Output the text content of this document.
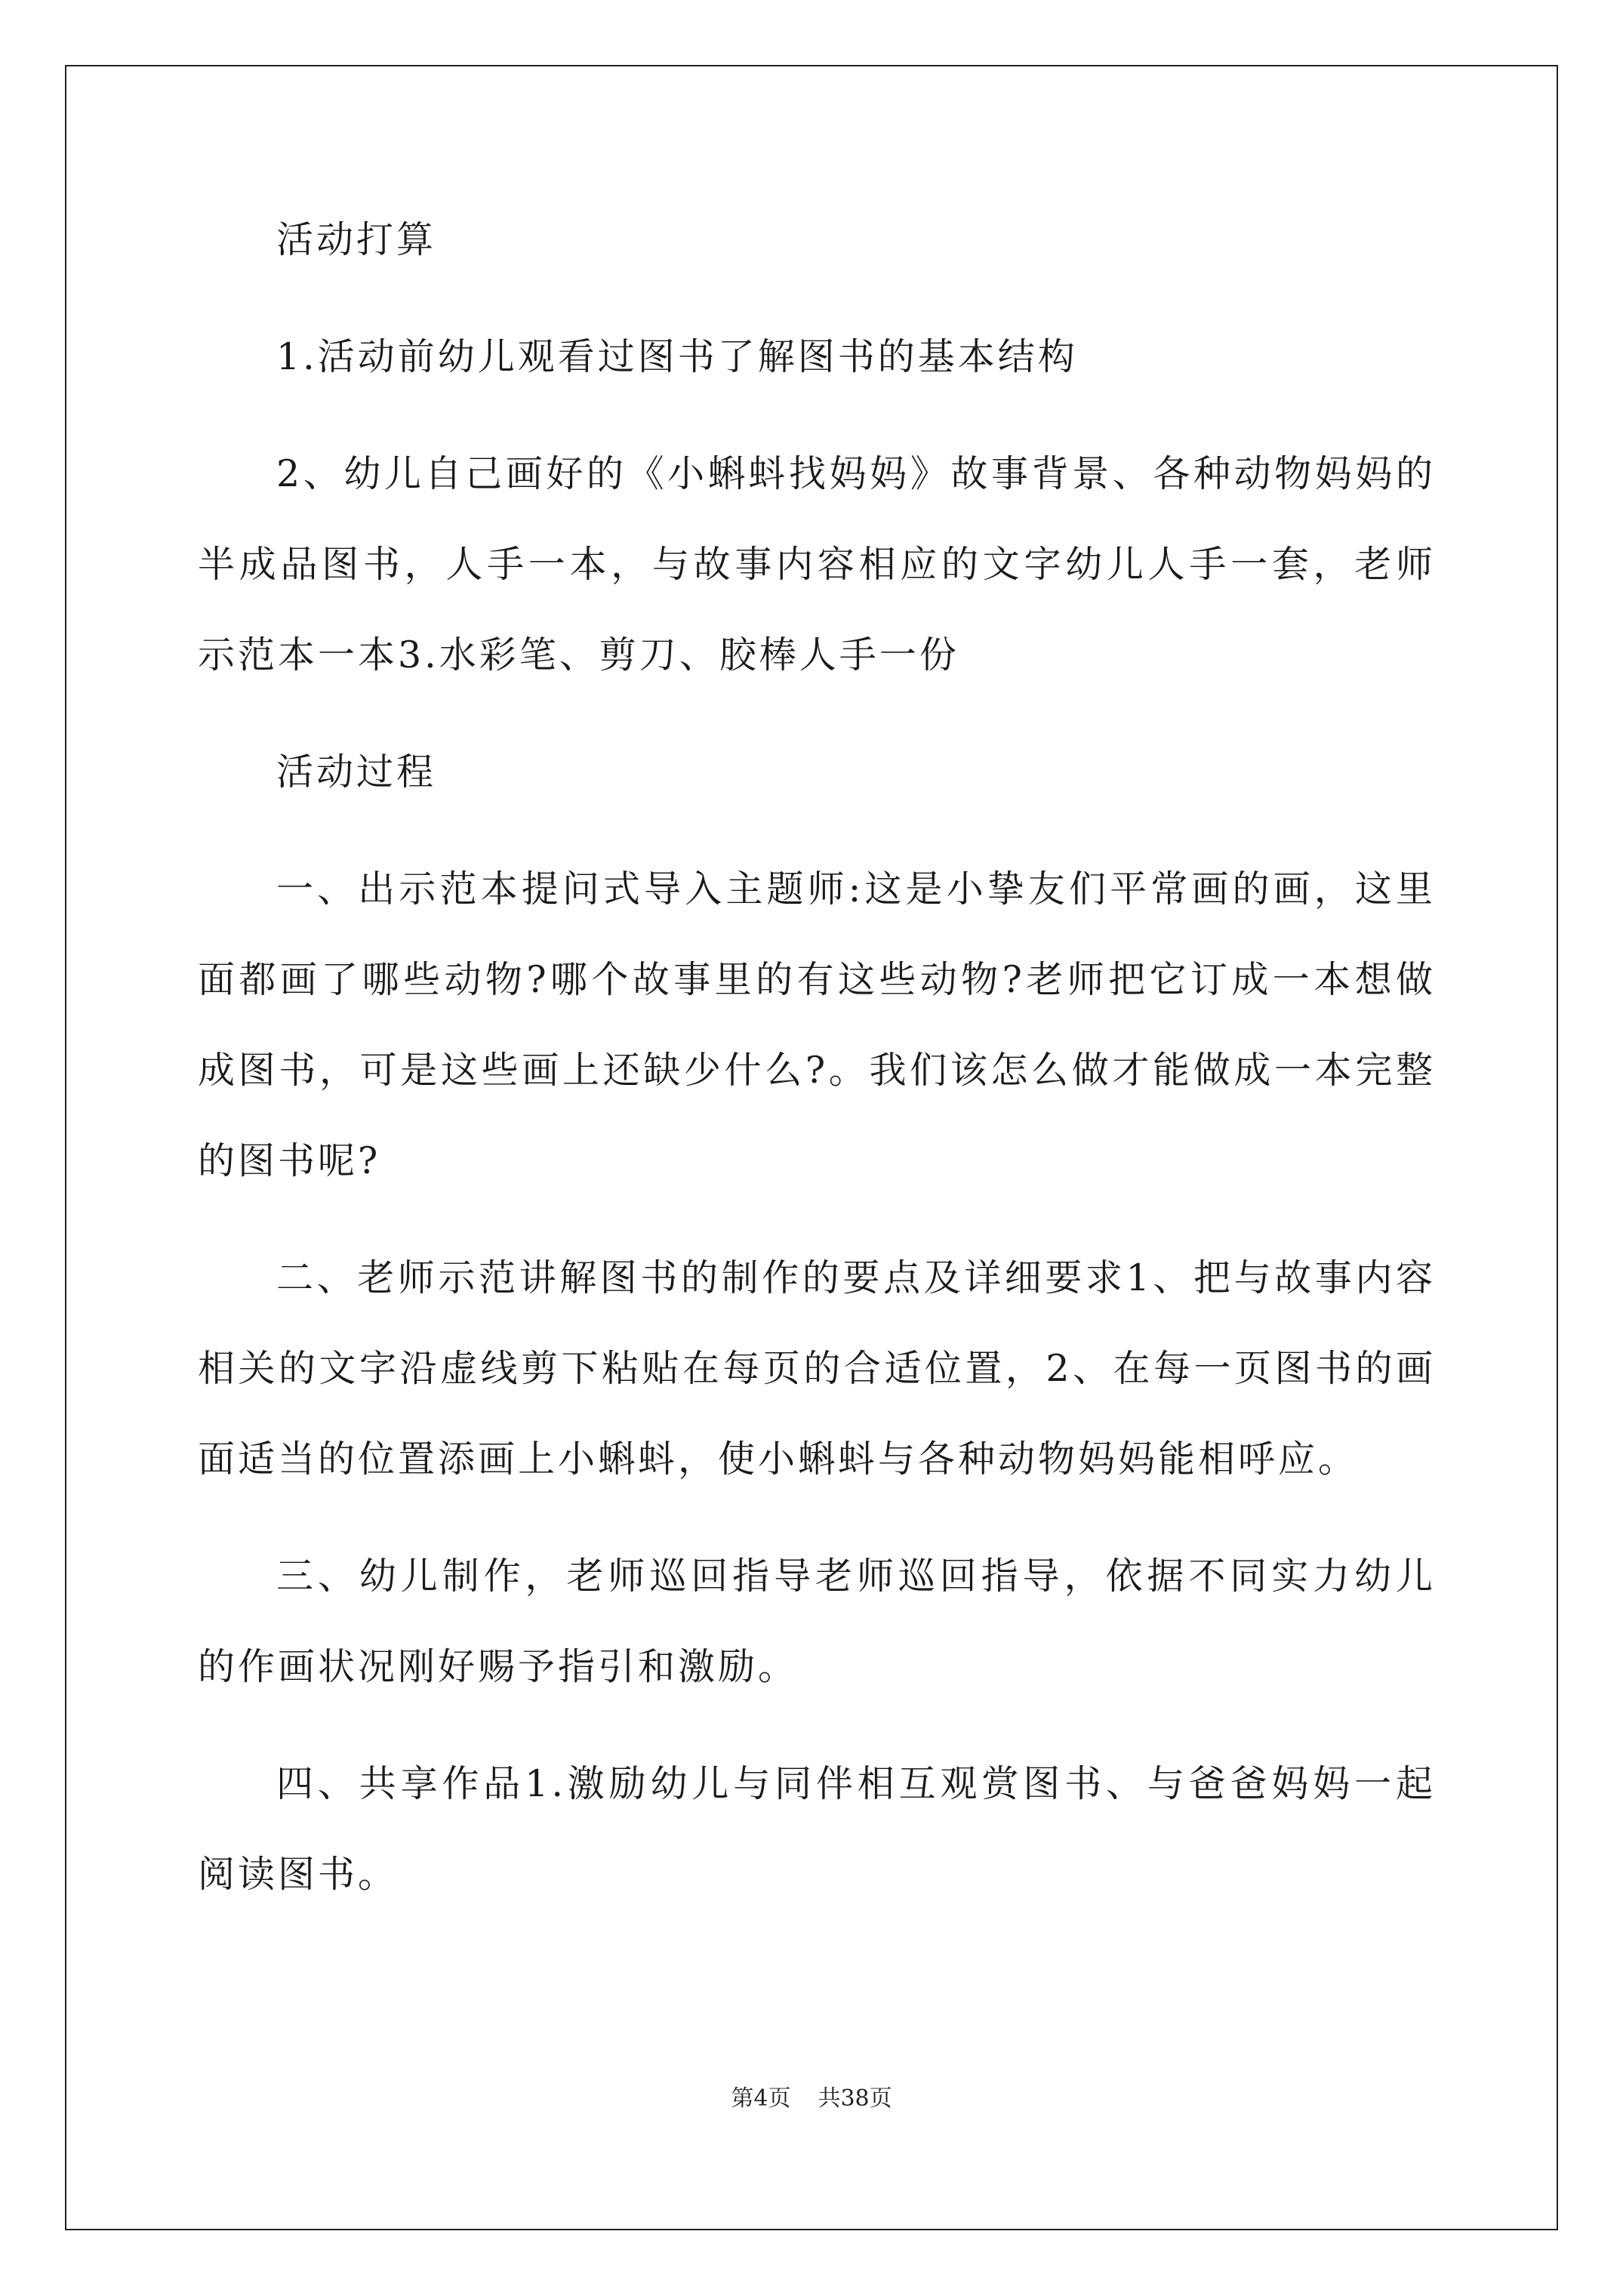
活动打算

1.活动前幼儿观看过图书了解图书的基本结构

2、幼儿自己画好的《小蝌蚪找妈妈》故事背景、各种动物妈妈的半成品图书，人手一本，与故事内容相应的文字幼儿人手一套，老师示范本一本3.水彩笔、剪刀、胶棒人手一份

活动过程

一、出示范本提问式导入主题师:这是小挚友们平常画的画，这里面都画了哪些动物?哪个故事里的有这些动物?老师把它订成一本想做成图书，可是这些画上还缺少什么?。我们该怎么做才能做成一本完整的图书呢?

二、老师示范讲解图书的制作的要点及详细要求1、把与故事内容相关的文字沿虚线剪下粘贴在每页的合适位置，2、在每一页图书的画面适当的位置添画上小蝌蚪，使小蝌蚪与各种动物妈妈能相呼应。

三、幼儿制作，老师巡回指导老师巡回指导，依据不同实力幼儿的作画状况刚好赐予指引和激励。

四、共享作品1.激励幼儿与同伴相互观赏图书、与爸爸妈妈一起阅读图书。

第4页 共38页
